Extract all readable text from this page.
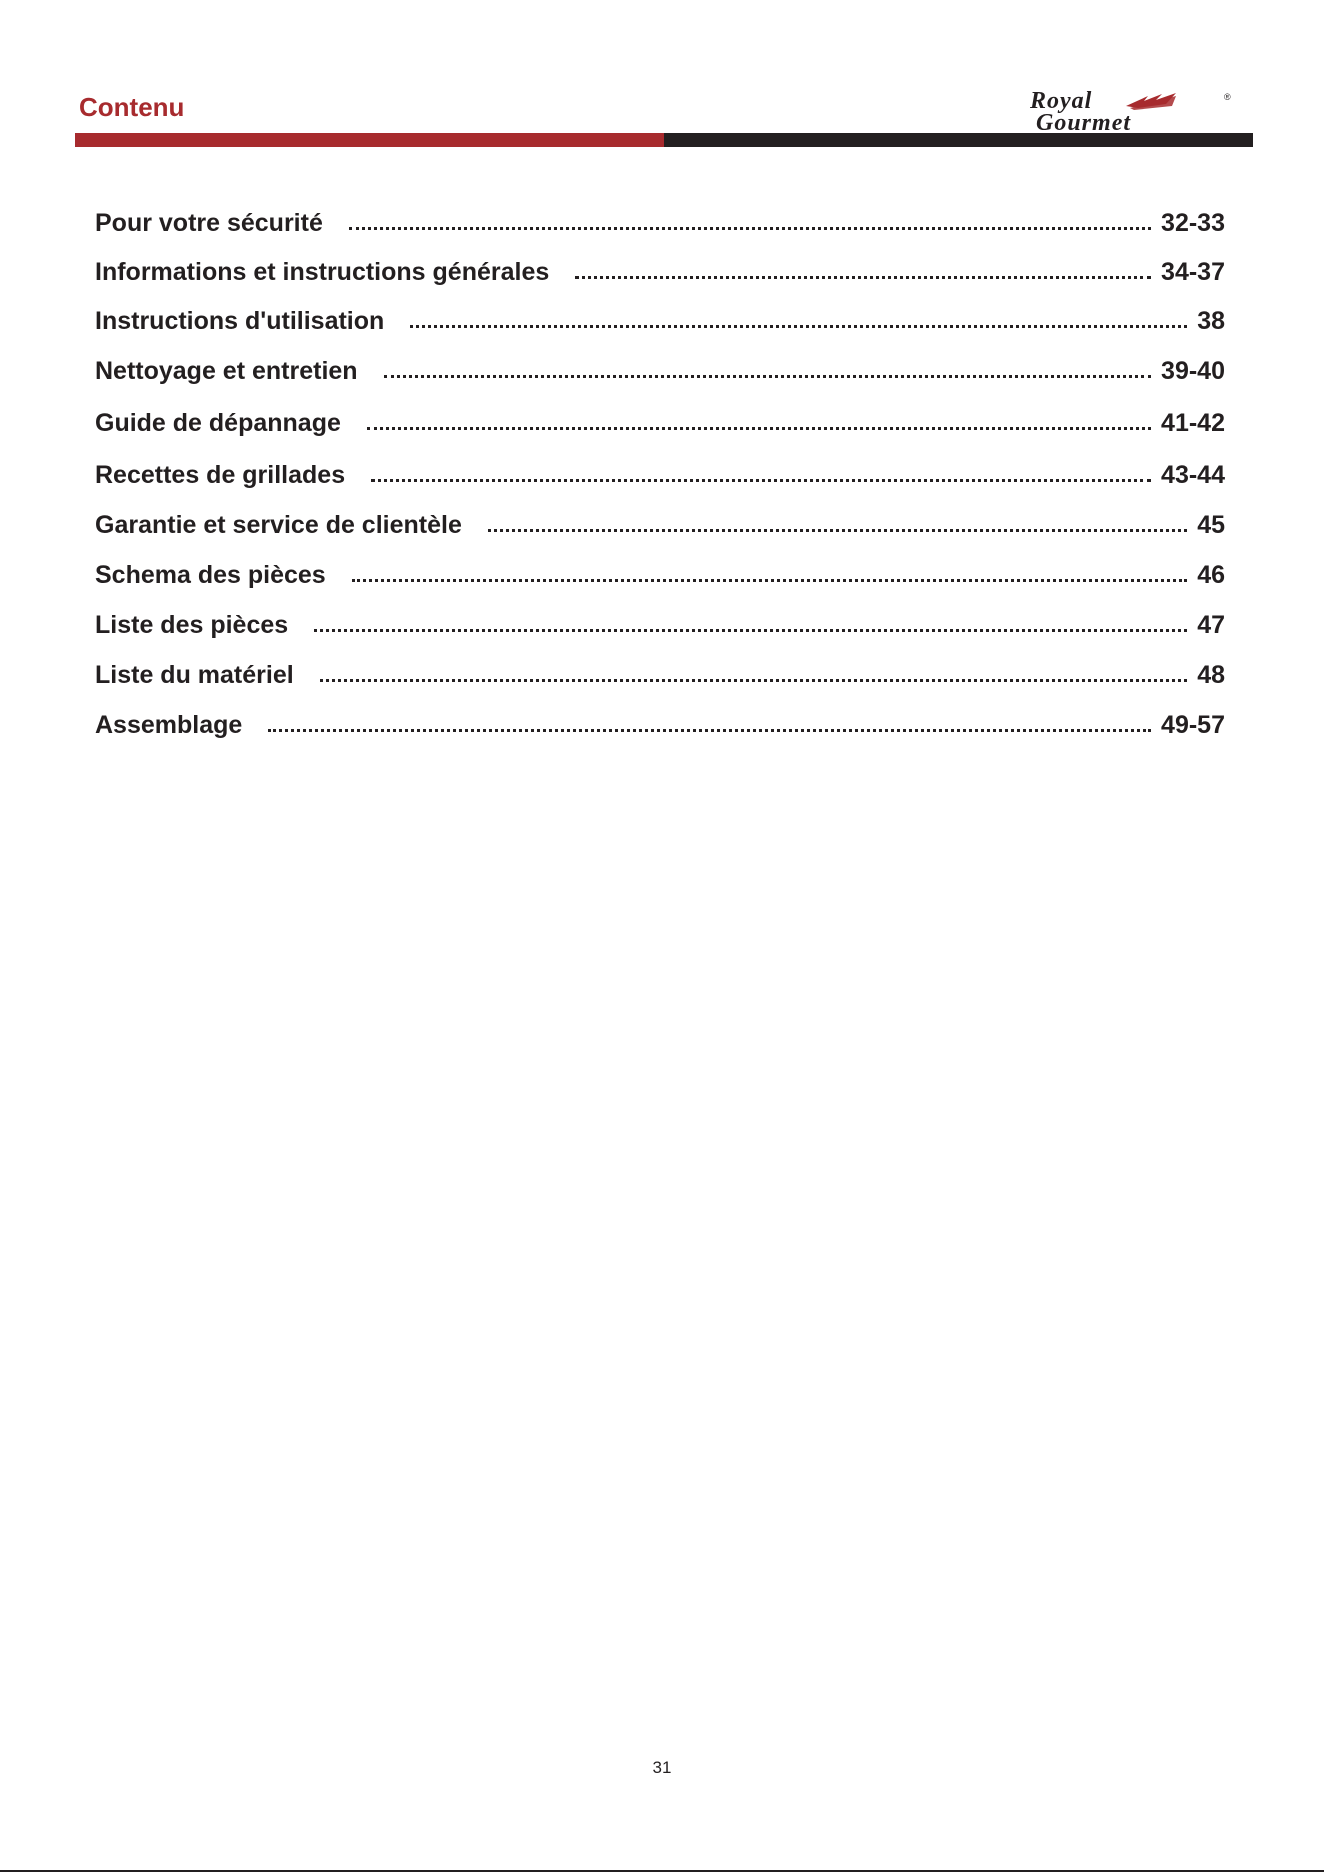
Contenu	Royal
Gourmet
®
Pour votre sécurité	32-33
Informations et instructions générales	34-37
Instructions d'utilisation	38
Nettoyage et entretien	39-40
Guide de dépannage	41-42
Recettes de grillades	43-44
Garantie et service de clientèle	45
Schema des pièces	46
Liste des pièces	47
Liste du matériel	48
Assemblage	49-57
31
